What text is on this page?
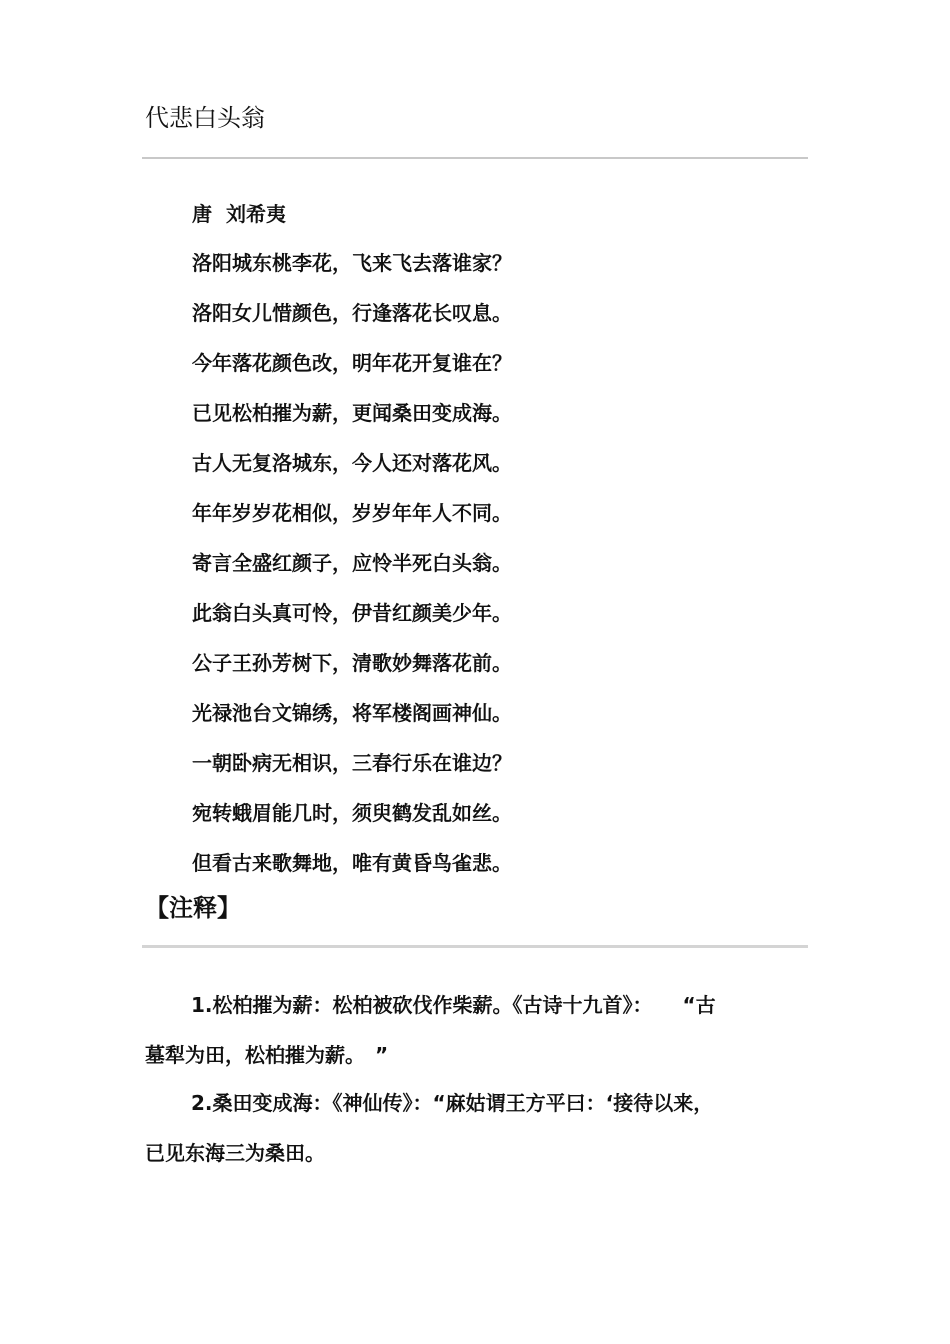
代悲白头翁
唐 刘希夷
洛阳城东桃李花，飞来飞去落谁家？
洛阳女儿惜颜色，行逢落花长叹息。
今年落花颜色改，明年花开复谁在？
已见松柏摧为薪，更闻桑田变成海。
古人无复洛城东，今人还对落花风。
年年岁岁花相似，岁岁年年人不同。
寄言全盛红颜子，应怜半死白头翁。
此翁白头真可怜，伊昔红颜美少年。
公子王孙芳树下，清歌妙舞落花前。
光禄池台文锦绣，将军楼阁画神仙。
一朝卧病无相识，三春行乐在谁边？
宛转蛾眉能几时，须臾鹤发乱如丝。
但看古来歌舞地，唯有黄昏鸟雀悲。
【注释】

1.松柏摧为薪：松柏被砍伐作柴薪。《古诗十九首》：　　“古
墓犁为田，松柏摧为薪。　”

2.桑田变成海：《神仙传》：“麻姑谓王方平曰：‘接待以来，
已见东海三为桑田。
